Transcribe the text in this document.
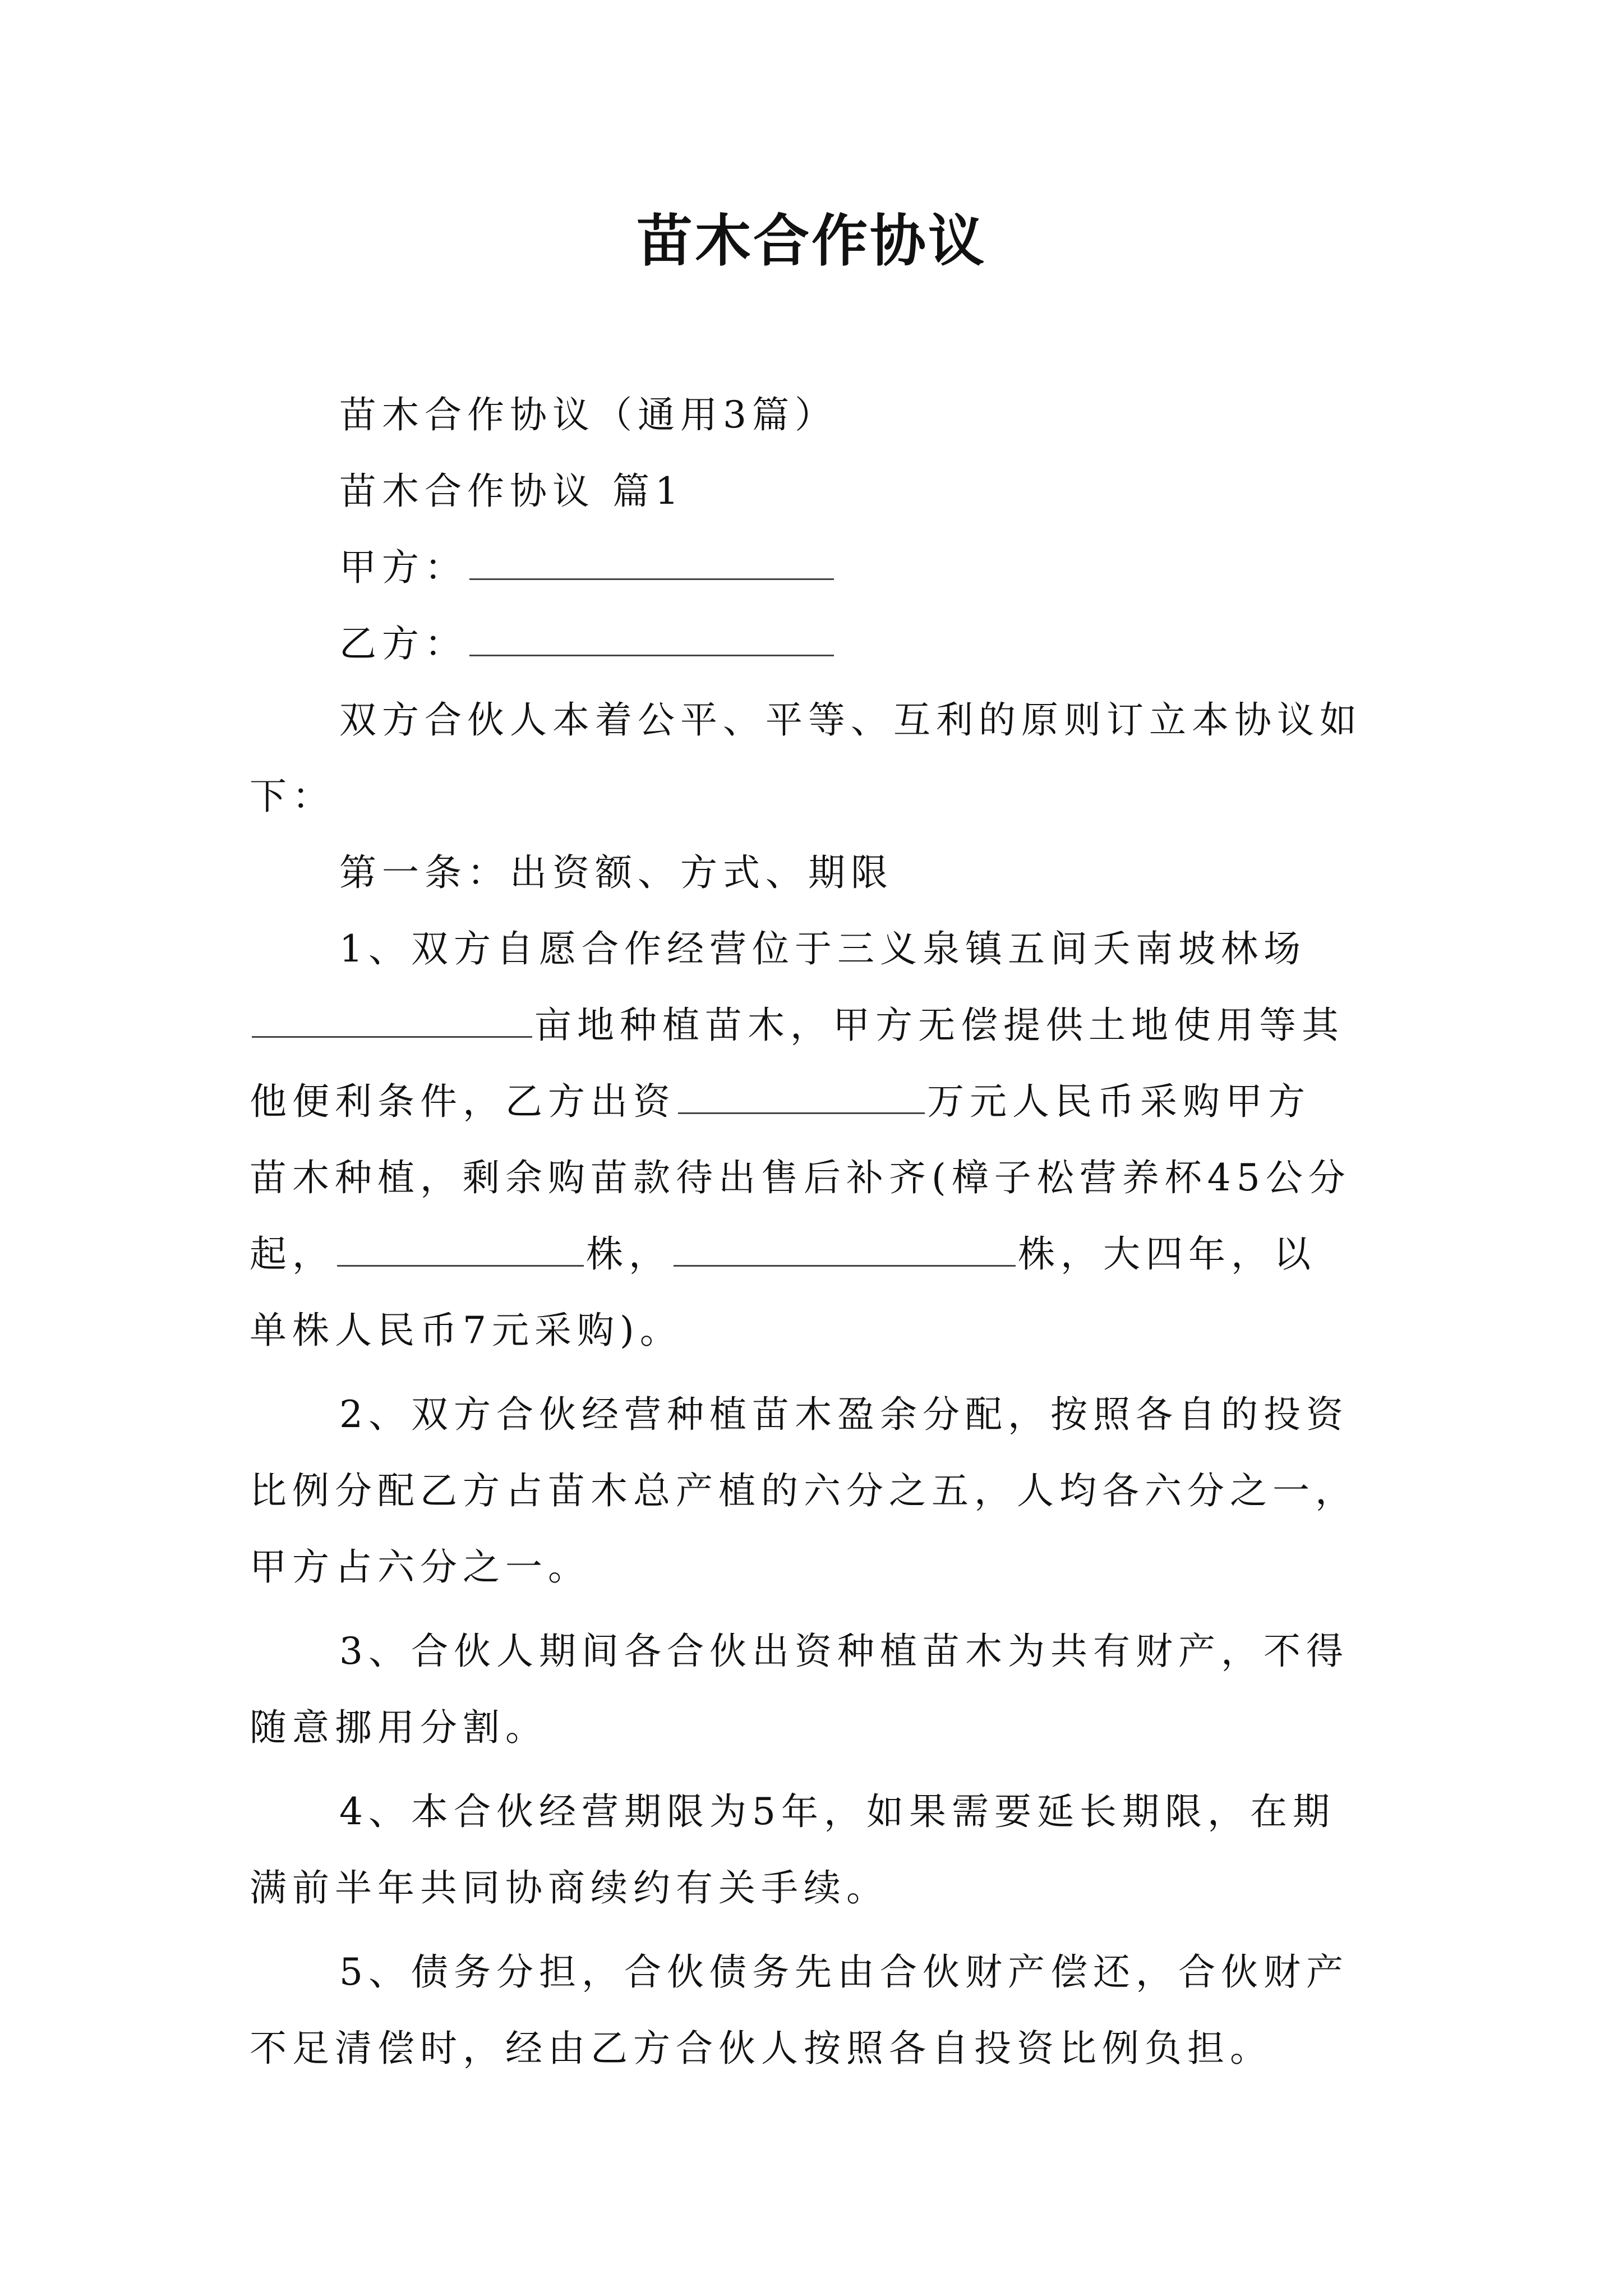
苗木合作协议
苗木合作协议（通用3篇）
苗木合作协议 篇1
甲方：
乙方：
双方合伙人本着公平、平等、互利的原则订立本协议如
下：
第一条：出资额、方式、期限
1、双方自愿合作经营位于三义泉镇五间夭南坡林场
亩地种植苗木，甲方无偿提供土地使用等其
他便利条件，乙方出资	万元人民币采购甲方
苗木种植，剩余购苗款待出售后补齐(樟子松营养杯45公分
起，	株，	株，大四年，以
单株人民币7元采购)。
2、双方合伙经营种植苗木盈余分配，按照各自的投资
比例分配乙方占苗木总产植的六分之五，人均各六分之一，
甲方占六分之一。
3、合伙人期间各合伙出资种植苗木为共有财产，不得
随意挪用分割。
4、本合伙经营期限为5年，如果需要延长期限，在期
满前半年共同协商续约有关手续。
5、债务分担，合伙债务先由合伙财产偿还，合伙财产
不足清偿时，经由乙方合伙人按照各自投资比例负担。
